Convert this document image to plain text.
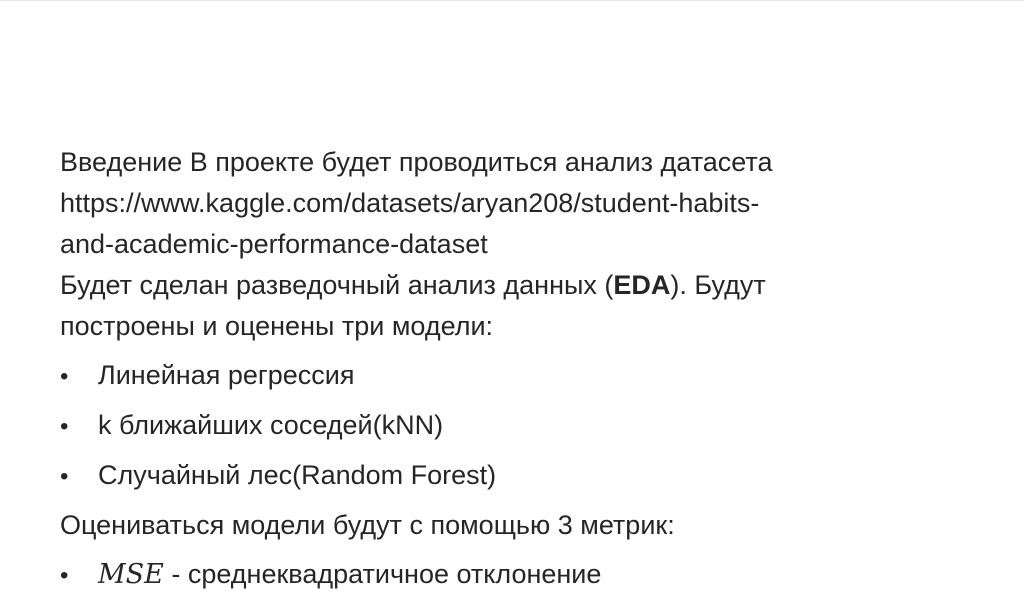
Введение В проекте будет проводиться анализ датасета
https://www.kaggle.com/datasets/aryan208/student-habits-
and-academic-performance-dataset

Будет сделан разведочный анализ данных (EDA). Будут
построены и оценены три модели:

•	Линейная регрессия
•	k ближайших соседей(kNN)
•	Случайный лес(Random Forest)

Оцениваться модели будут с помощью 3 метрик:

•	MSE - среднеквадратичное отклонение
